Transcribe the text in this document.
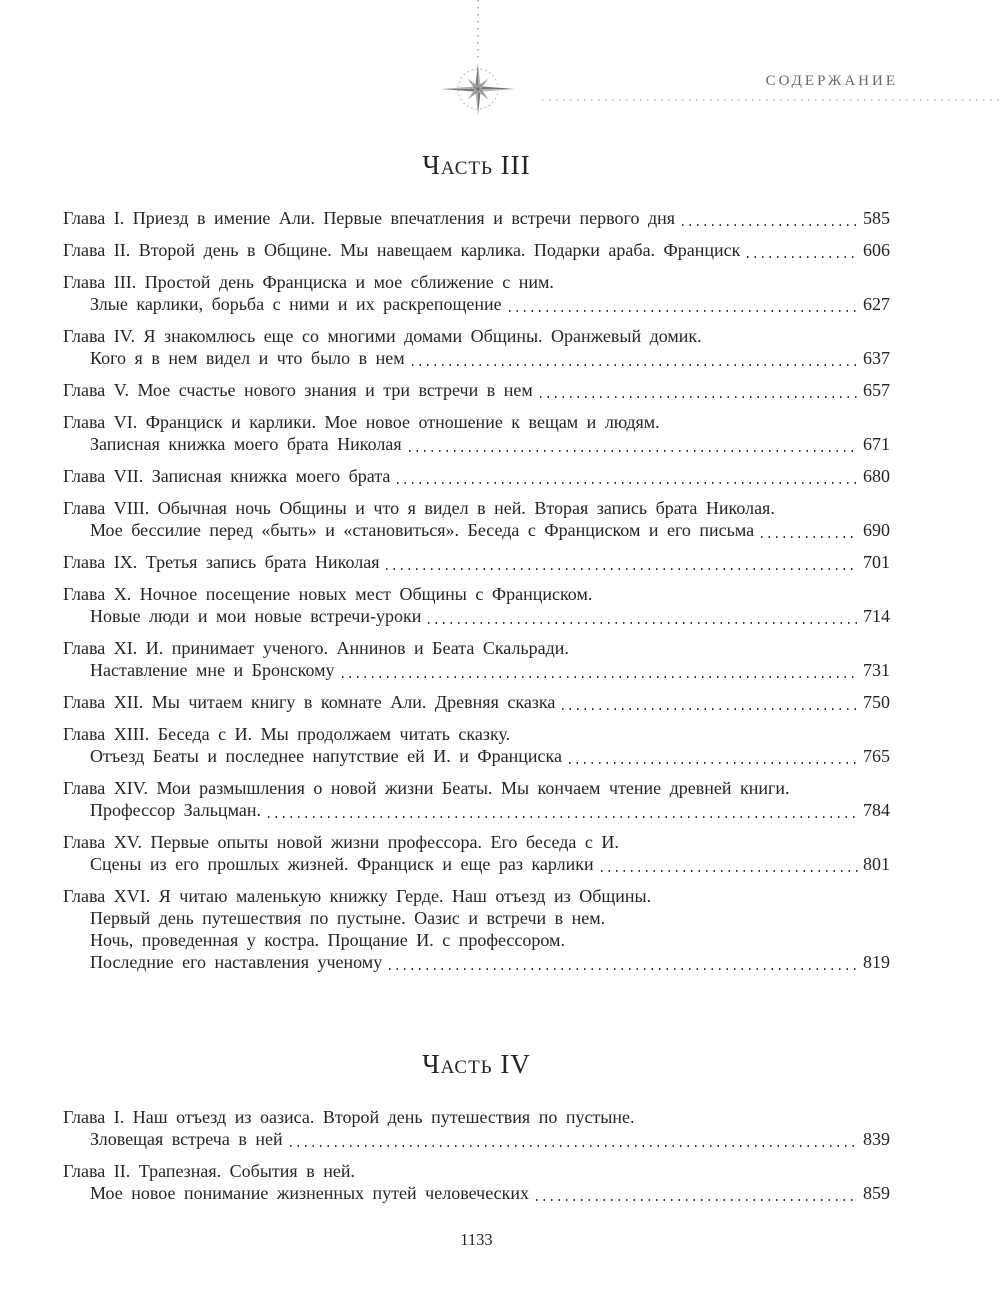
СОДЕРЖАНИЕ
Часть III
Глава I. Приезд в имение Али. Первые впечатления и встречи первого дня	585
Глава II. Второй день в Общине. Мы навещаем карлика. Подарки араба. Франциск	606
Глава III. Простой день Франциска и мое сближение с ним.
Злые карлики, борьба с ними и их раскрепощение	627
Глава IV. Я знакомлюсь еще со многими домами Общины. Оранжевый домик.
Кого я в нем видел и что было в нем	637
Глава V. Мое счастье нового знания и три встречи в нем	657
Глава VI. Франциск и карлики. Мое новое отношение к вещам и людям.
Записная книжка моего брата Николая	671
Глава VII. Записная книжка моего брата	680
Глава VIII. Обычная ночь Общины и что я видел в ней. Вторая запись брата Николая.
Мое бессилие перед «быть» и «становиться». Беседа с Франциском и его письма	690
Глава IX. Третья запись брата Николая	701
Глава X. Ночное посещение новых мест Общины с Франциском.
Новые люди и мои новые встречи-уроки	714
Глава XI. И. принимает ученого. Аннинов и Беата Скальради.
Наставление мне и Бронскому	731
Глава XII. Мы читаем книгу в комнате Али. Древняя сказка	750
Глава XIII. Беседа с И. Мы продолжаем читать сказку.
Отъезд Беаты и последнее напутствие ей И. и Франциска	765
Глава XIV. Мои размышления о новой жизни Беаты. Мы кончаем чтение древней книги.
Профессор Зальцман.	784
Глава XV. Первые опыты новой жизни профессора. Его беседа с И.
Сцены из его прошлых жизней. Франциск и еще раз карлики	801
Глава XVI. Я читаю маленькую книжку Герде. Наш отъезд из Общины.
Первый день путешествия по пустыне. Оазис и встречи в нем.
Ночь, проведенная у костра. Прощание И. с профессором.
Последние его наставления ученому	819
Часть IV
Глава I. Наш отъезд из оазиса. Второй день путешествия по пустыне.
Зловещая встреча в ней	839
Глава II. Трапезная. События в ней.
Мое новое понимание жизненных путей человеческих	859
1133
